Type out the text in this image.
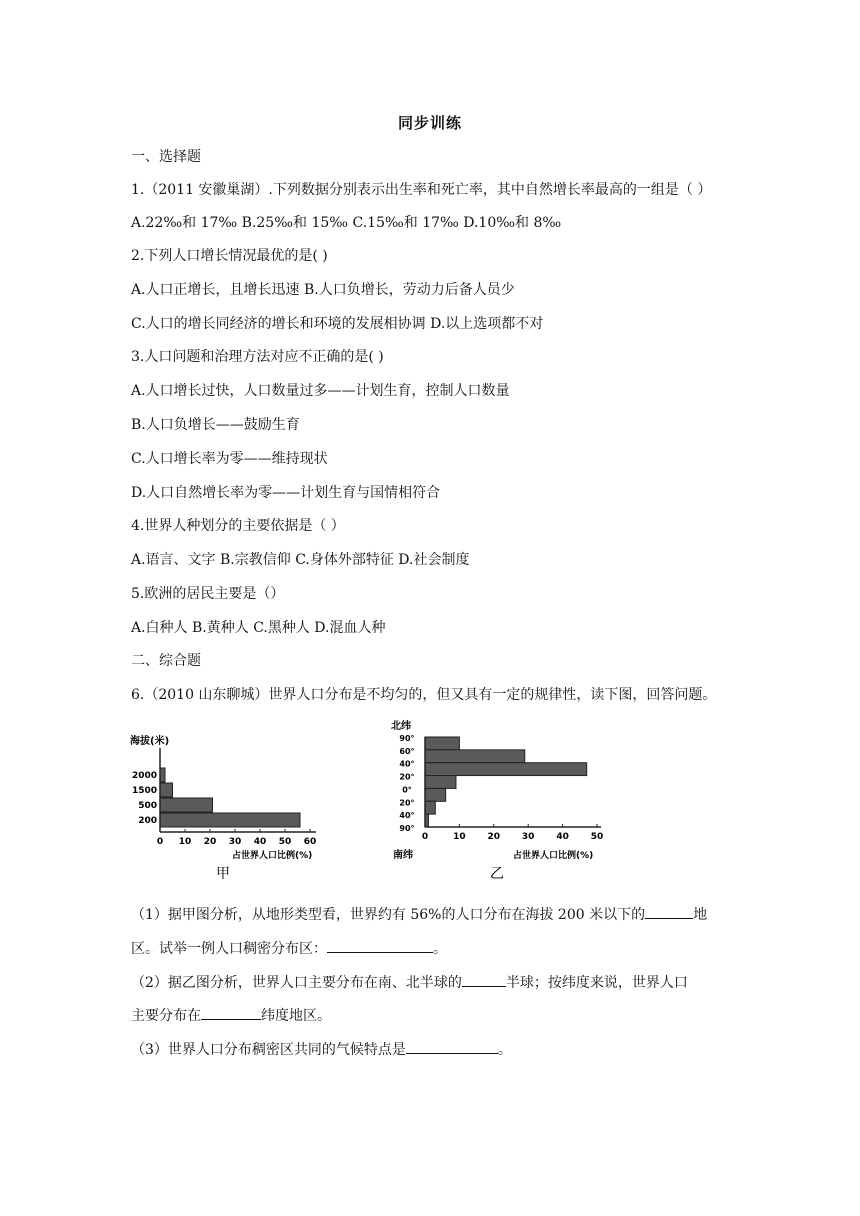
同步训练
一、选择题
1.（2011 安徽巢湖）.下列数据分别表示出生率和死亡率，其中自然增长率最高的一组是（ ）
A.22‰和 17‰ B.25‰和 15‰ C.15‰和 17‰ D.10‰和 8‰
2.下列人口增长情况最优的是( )
A.人口正增长，且增长迅速 B.人口负增长，劳动力后备人员少
C.人口的增长同经济的增长和环境的发展相协调 D.以上选项都不对
3.人口问题和治理方法对应不正确的是( )
A.人口增长过快，人口数量过多——计划生育，控制人口数量
B.人口负增长——鼓励生育
C.人口增长率为零——维持现状
D.人口自然增长率为零——计划生育与国情相符合
4.世界人种划分的主要依据是（ ）
A.语言、文字 B.宗教信仰 C.身体外部特征 D.社会制度
5.欧洲的居民主要是（）
A.白种人 B.黄种人 C.黑种人 D.混血人种
二、综合题
6.（2010 山东聊城）世界人口分布是不均匀的，但又具有一定的规律性，读下图，回答问题。
海拔(米)
2000
1500
500
200
0 10 20 30 40 50 60
占世界人口比例(%)
甲
北纬
90°
60°
40°
20°
0°
20°
40°
90°
0	10 20 30 40 50
南纬	占世界人口比例(%)
乙
（1）据甲图分析，从地形类型看，世界约有 56%的人口分布在海拔 200 米以下的	地
区。试举一例人口稠密分布区：	。
（2）据乙图分析，世界人口主要分布在南、北半球的	半球；按纬度来说，世界人口
主要分布在	纬度地区。
（3）世界人口分布稠密区共同的气候特点是	。
